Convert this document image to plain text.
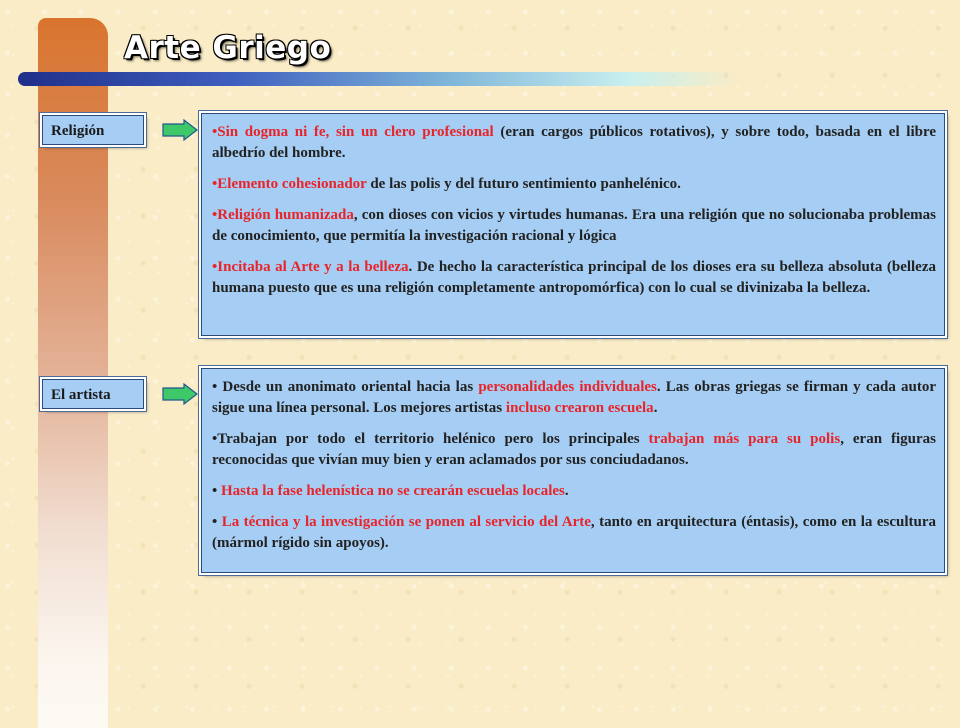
Arte Griego
Religión	•Sin dogma ni fe, sin un clero profesional (eran cargos públicos rotativos), y sobre todo, basada en el libre albedrío del hombre.

•Elemento cohesionador de las polis y del futuro sentimiento panhelénico.

•Religión humanizada, con dioses con vicios y virtudes humanas. Era una religión que no solucionaba problemas de conocimiento, que permitía la investigación racional y lógica

•Incitaba al Arte y a la belleza. De hecho la característica principal de los dioses era su belleza absoluta (belleza humana puesto que es una religión completamente antropomórfica) con lo cual se divinizaba la belleza.

El artista	• Desde un anonimato oriental hacia las personalidades individuales. Las obras griegas se firman y cada autor sigue una línea personal. Los mejores artistas incluso crearon escuela.

•Trabajan por todo el territorio helénico pero los principales trabajan más para su polis, eran figuras reconocidas que vivían muy bien y eran aclamados por sus conciudadanos.

• Hasta la fase helenística no se crearán escuelas locales.

• La técnica y la investigación se ponen al servicio del Arte, tanto en arquitectura (éntasis), como en la escultura (mármol rígido sin apoyos).
